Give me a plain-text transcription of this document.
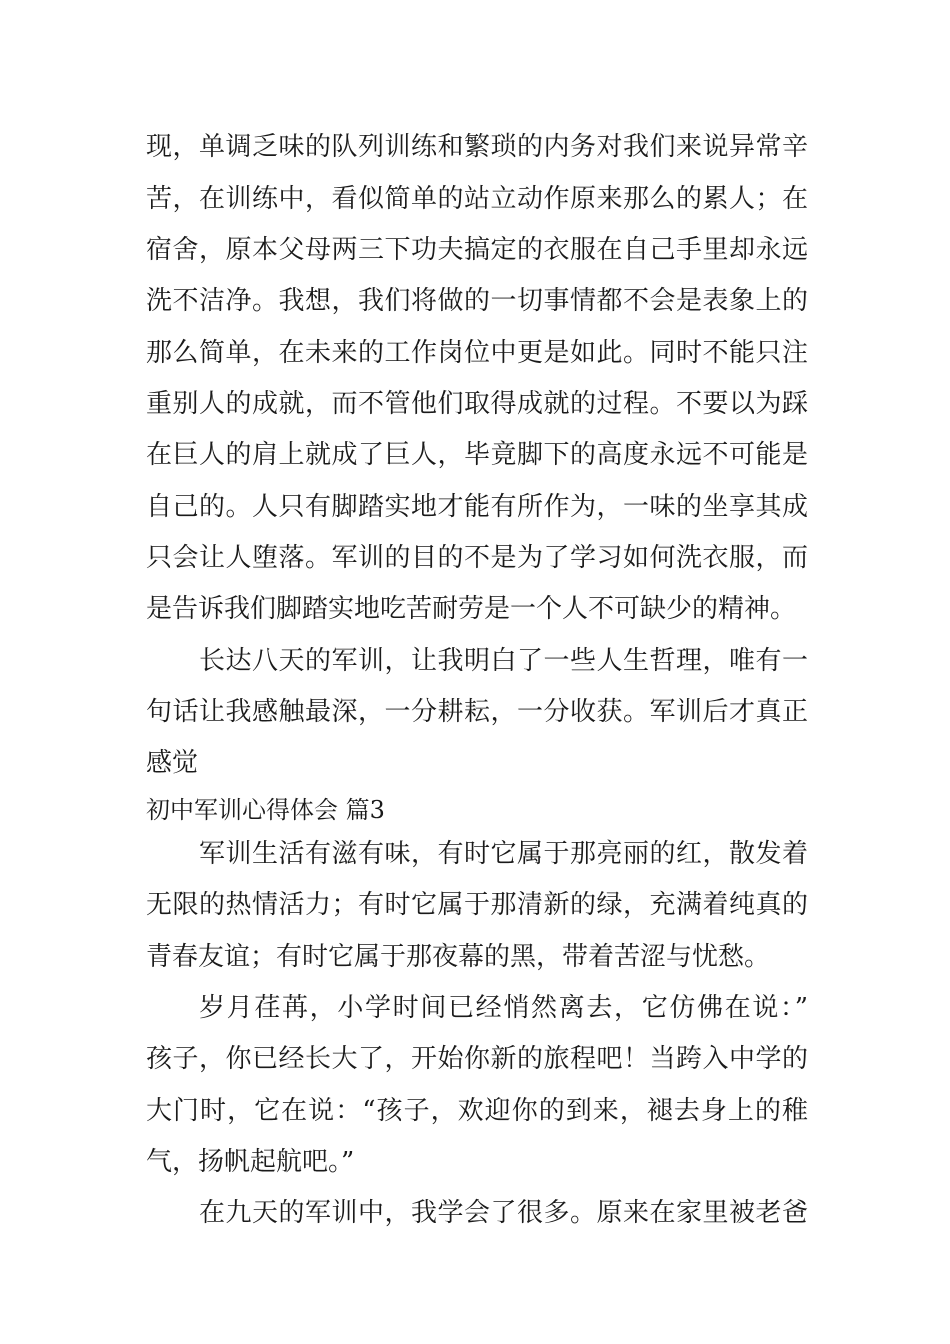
现，单调乏味的队列训练和繁琐的内务对我们来说异常辛
苦，在训练中，看似简单的站立动作原来那么的累人；在
宿舍，原本父母两三下功夫搞定的衣服在自己手里却永远
洗不洁净。我想，我们将做的一切事情都不会是表象上的
那么简单，在未来的工作岗位中更是如此。同时不能只注
重别人的成就，而不管他们取得成就的过程。不要以为踩
在巨人的肩上就成了巨人，毕竟脚下的高度永远不可能是
自己的。人只有脚踏实地才能有所作为，一味的坐享其成
只会让人堕落。军训的目的不是为了学习如何洗衣服，而
是告诉我们脚踏实地吃苦耐劳是一个人不可缺少的精神。
长达八天的军训，让我明白了一些人生哲理，唯有一
句话让我感触最深，一分耕耘，一分收获。军训后才真正
感觉
初中军训心得体会 篇3
军训生活有滋有味，有时它属于那亮丽的红，散发着
无限的热情活力；有时它属于那清新的绿，充满着纯真的
青春友谊；有时它属于那夜幕的黑，带着苦涩与忧愁。
岁月荏苒，小学时间已经悄然离去，它仿佛在说：”
孩子，你已经长大了，开始你新的旅程吧！当跨入中学的
大门时，它在说：“孩子，欢迎你的到来，褪去身上的稚
气，扬帆起航吧。”
在九天的军训中，我学会了很多。原来在家里被老爸
